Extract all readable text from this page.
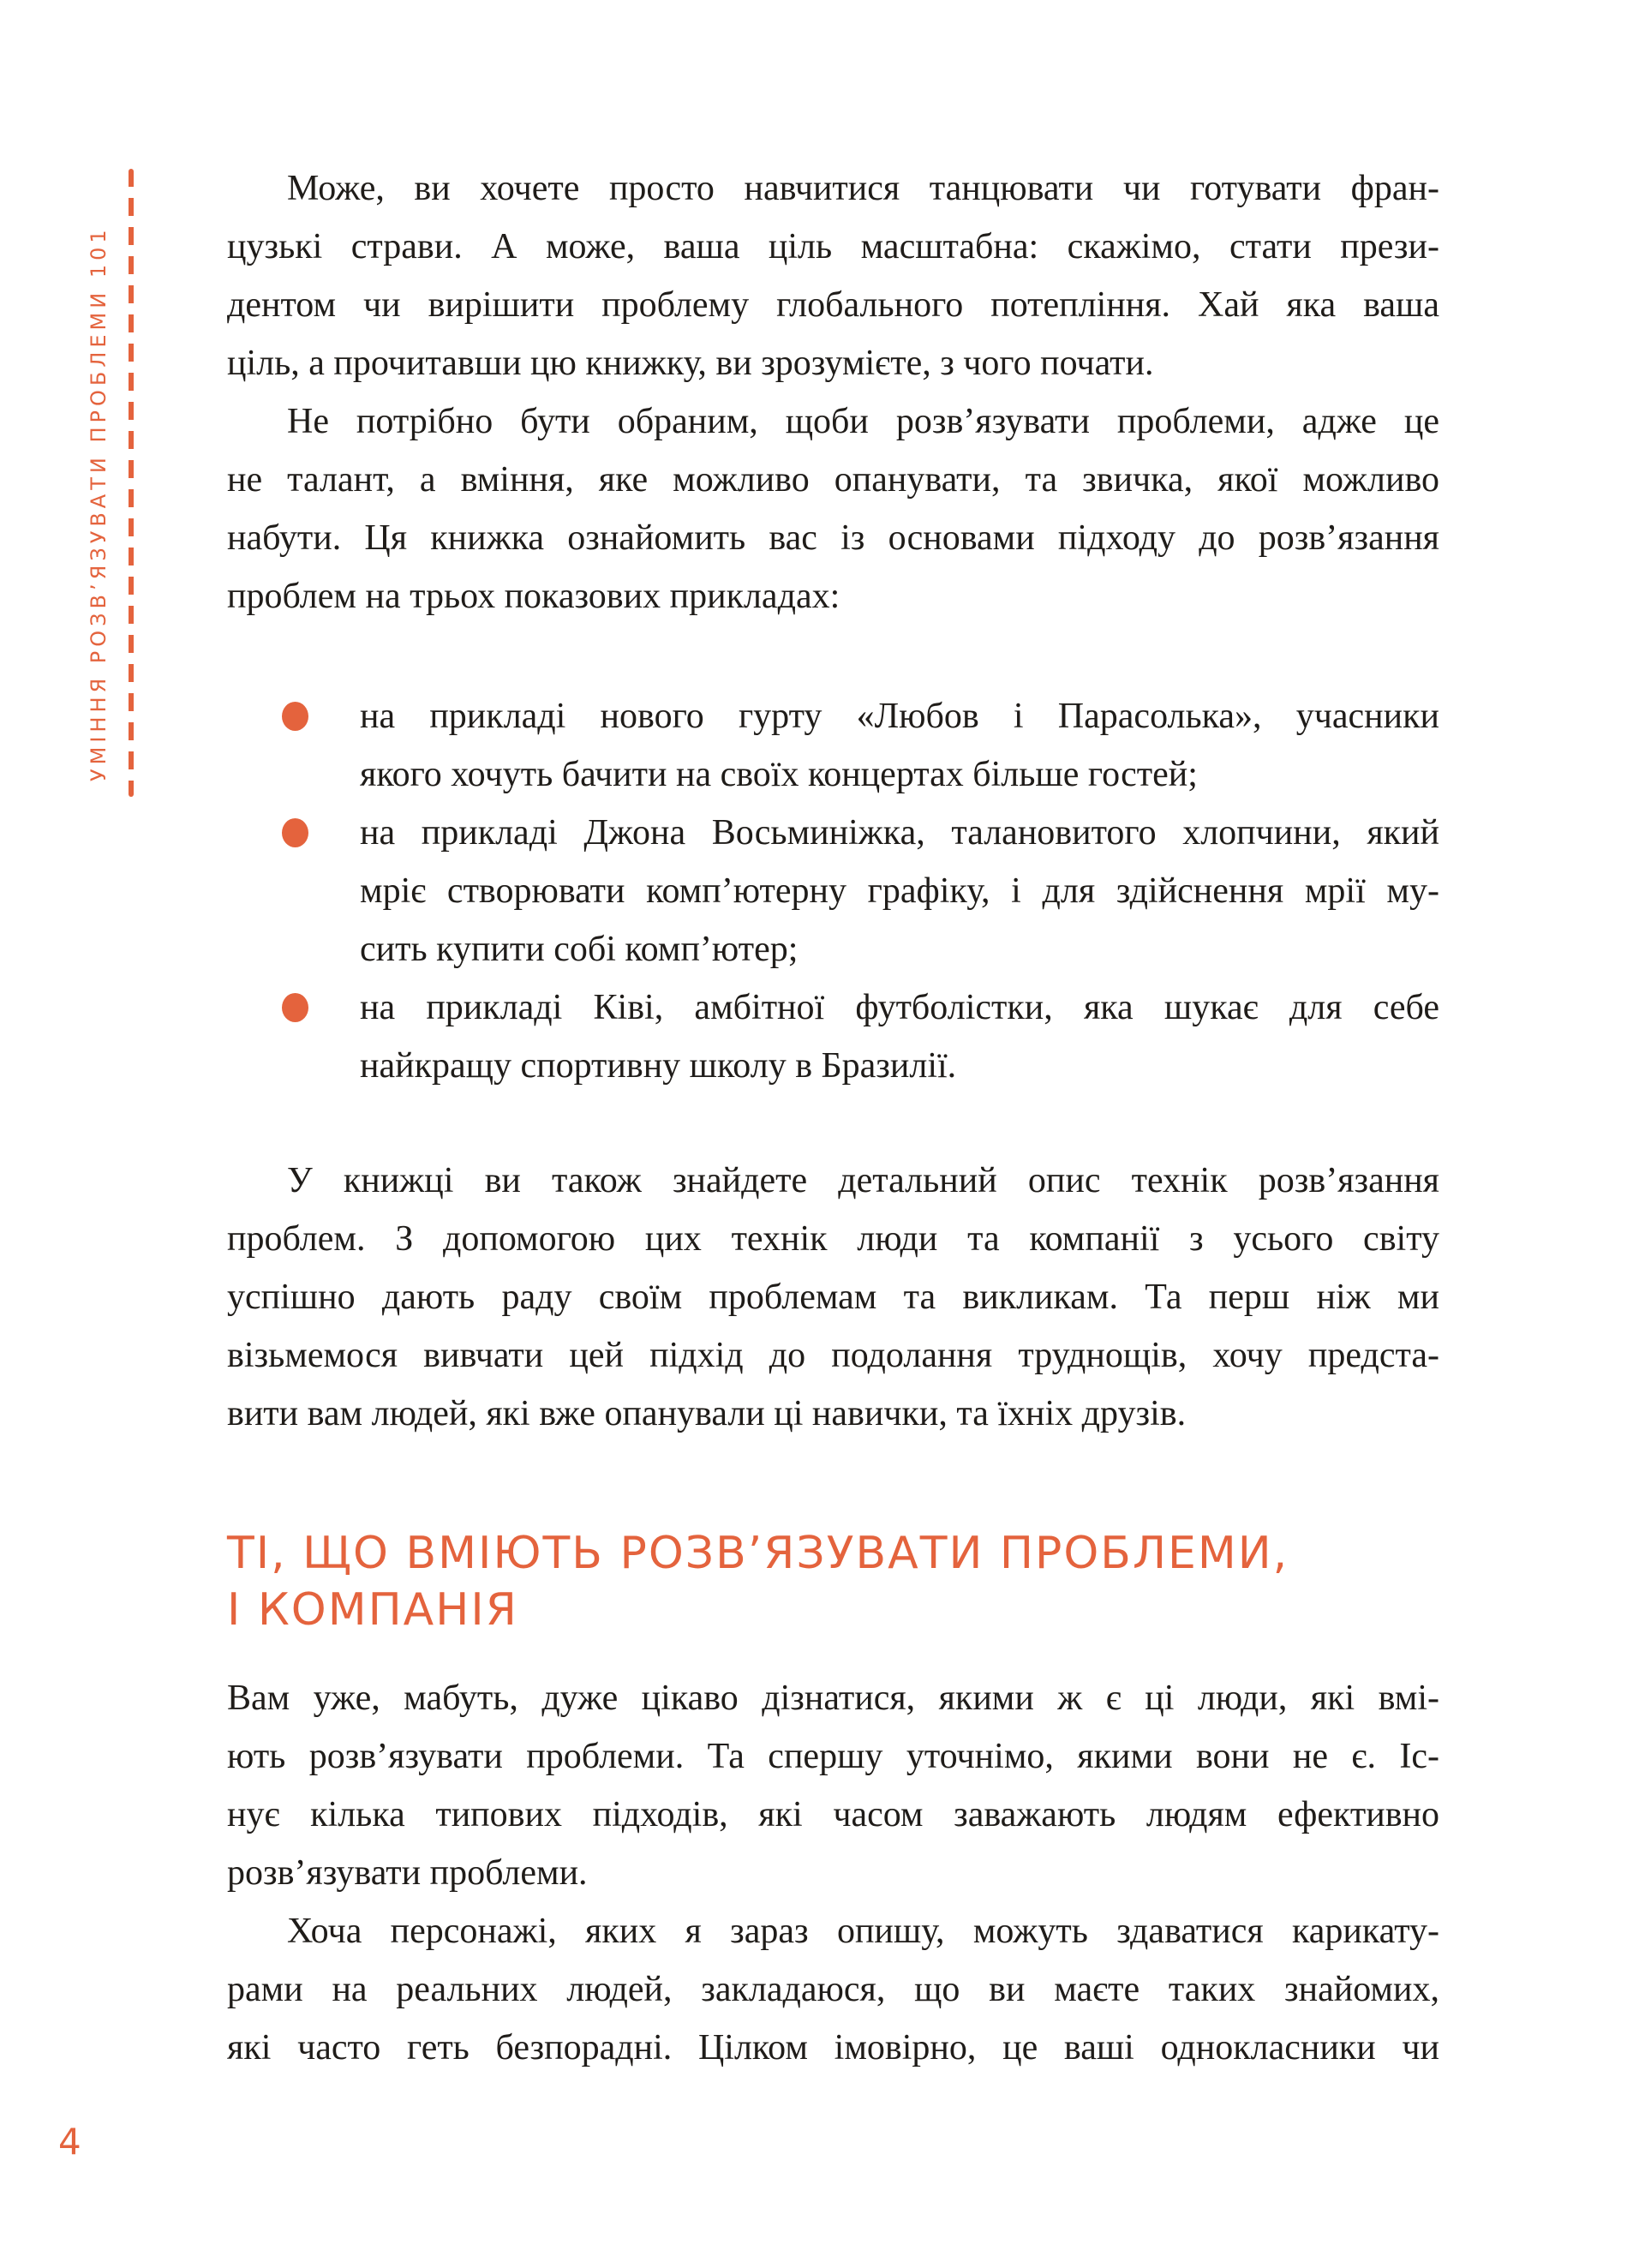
УМІННЯ РОЗВ’ЯЗУВАТИ ПРОБЛЕМИ 101
Може, ви хочете просто навчитися танцювати чи готувати фран-
цузькі страви. А може, ваша ціль масштабна: скажімо, стати прези-
дентом чи вирішити проблему глобального потепління. Хай яка ваша
ціль, а прочитавши цю книжку, ви зрозумієте, з чого почати.
Не потрібно бути обраним, щоби розв’язувати проблеми, адже це
не талант, а вміння, яке можливо опанувати, та звичка, якої можливо
набути. Ця книжка ознайомить вас із основами підходу до розв’язання
проблем на трьох показових прикладах:
на прикладі нового гурту «Любов і Парасолька», учасники
якого хочуть бачити на своїх концертах більше гостей;
на прикладі Джона Восьминіжка, талановитого хлопчини, який
мріє створювати комп’ютерну графіку, і для здійснення мрії му-
сить купити собі комп’ютер;
на прикладі Ківі, амбітної футболістки, яка шукає для себе
найкращу спортивну школу в Бразилії.
У книжці ви також знайдете детальний опис технік розв’язання
проблем. З допомогою цих технік люди та компанії з усього світу
успішно дають раду своїм проблемам та викликам. Та перш ніж ми
візьмемося вивчати цей підхід до подолання труднощів, хочу предста-
вити вам людей, які вже опанували ці навички, та їхніх друзів.
ТІ, ЩО ВМІЮТЬ РОЗВ’ЯЗУВАТИ ПРОБЛЕМИ,
І КОМПАНІЯ
Вам уже, мабуть, дуже цікаво дізнатися, якими ж є ці люди, які вмі-
ють розв’язувати проблеми. Та спершу уточнімо, якими вони не є. Іс-
нує кілька типових підходів, які часом заважають людям ефективно
розв’язувати проблеми.
Хоча персонажі, яких я зараз опишу, можуть здаватися карикату-
рами на реальних людей, закладаюся, що ви маєте таких знайомих,
які часто геть безпорадні. Цілком імовірно, це ваші однокласники чи
4
